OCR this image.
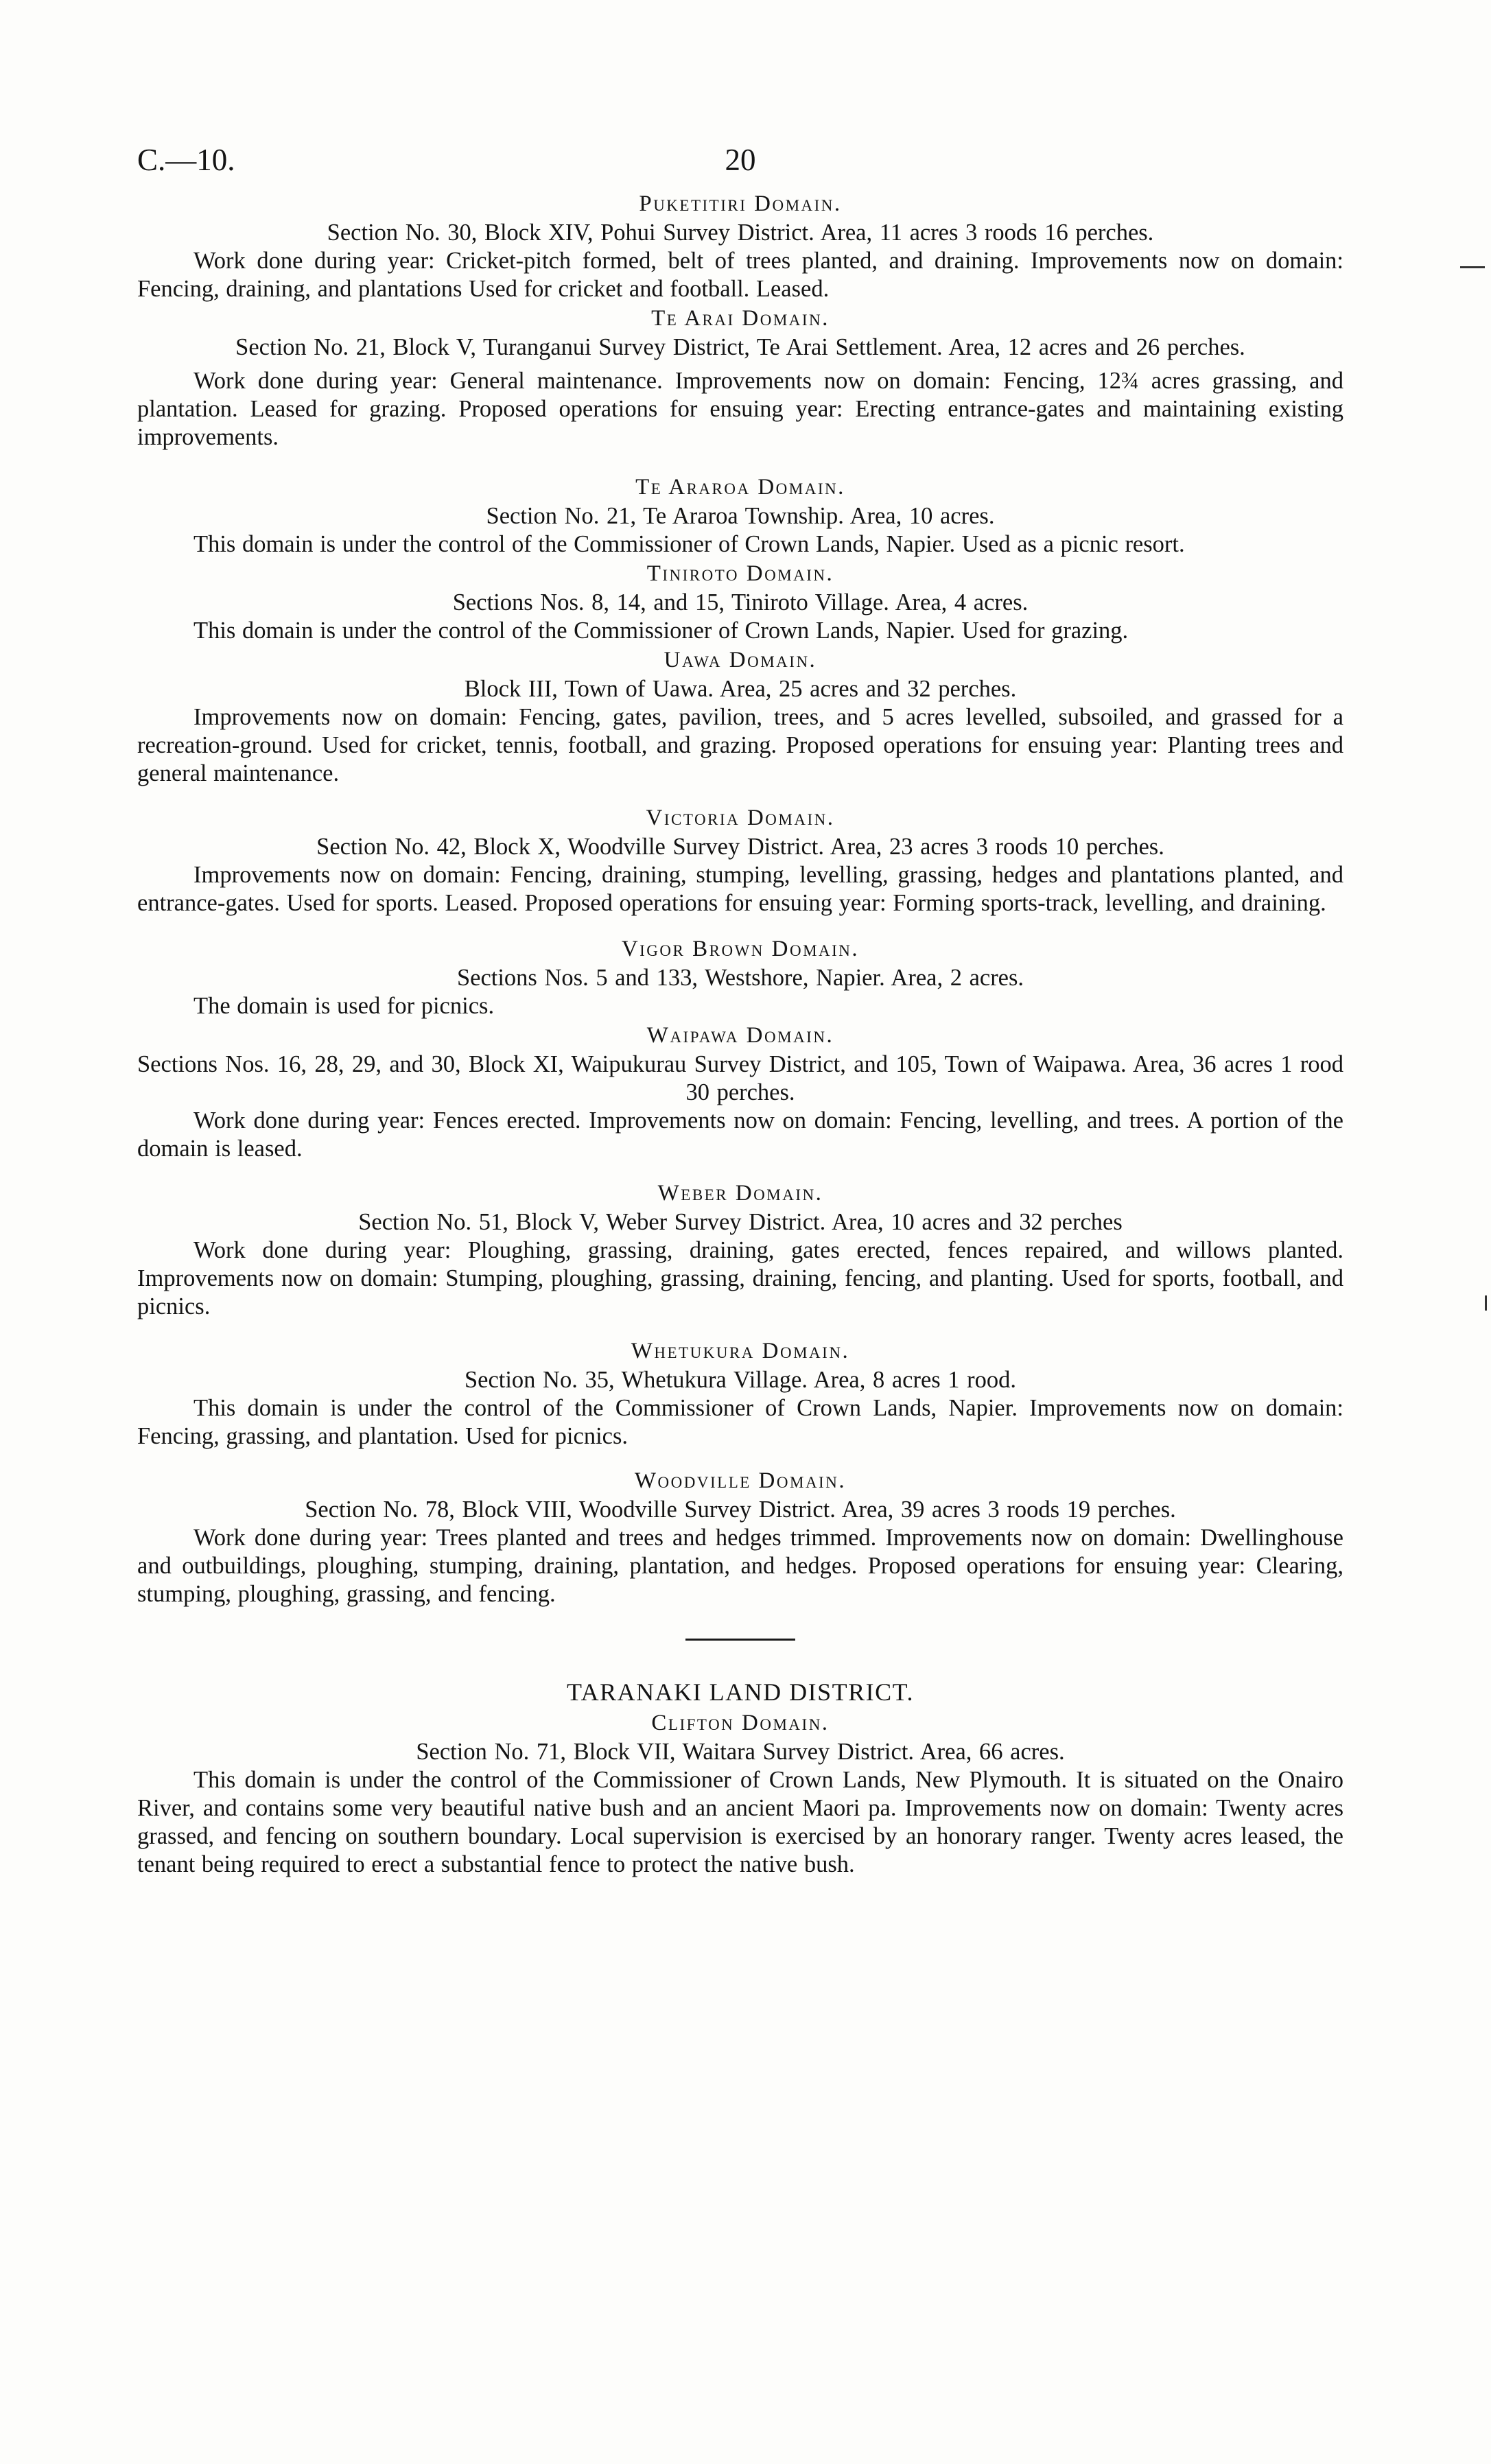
C.—10.	20
Puketitiri Domain.
Section No. 30, Block XIV, Pohui Survey District. Area, 11 acres 3 roods 16 perches.

Work done during year: Cricket-pitch formed, belt of trees planted, and draining. Improvements now on domain: Fencing, draining, and plantations Used for cricket and football. Leased.

Te Arai Domain.
Section No. 21, Block V, Turanganui Survey District, Te Arai Settlement. Area, 12 acres and 26 perches.

Work done during year: General maintenance. Improvements now on domain: Fencing, 12¾ acres grassing, and plantation. Leased for grazing. Proposed operations for ensuing year: Erecting entrance-gates and maintaining existing improvements.

Te Araroa Domain.
Section No. 21, Te Araroa Township. Area, 10 acres.

This domain is under the control of the Commissioner of Crown Lands, Napier. Used as a picnic resort.

Tiniroto Domain.
Sections Nos. 8, 14, and 15, Tiniroto Village. Area, 4 acres.

This domain is under the control of the Commissioner of Crown Lands, Napier. Used for grazing.

Uawa Domain.
Block III, Town of Uawa. Area, 25 acres and 32 perches.

Improvements now on domain: Fencing, gates, pavilion, trees, and 5 acres levelled, subsoiled, and grassed for a recreation-ground. Used for cricket, tennis, football, and grazing. Proposed operations for ensuing year: Planting trees and general maintenance.

Victoria Domain.
Section No. 42, Block X, Woodville Survey District. Area, 23 acres 3 roods 10 perches.

Improvements now on domain: Fencing, draining, stumping, levelling, grassing, hedges and plantations planted, and entrance-gates. Used for sports. Leased. Proposed operations for ensuing year: Forming sports-track, levelling, and draining.

Vigor Brown Domain.
Sections Nos. 5 and 133, Westshore, Napier. Area, 2 acres.

The domain is used for picnics.

Waipawa Domain.
Sections Nos. 16, 28, 29, and 30, Block XI, Waipukurau Survey District, and 105, Town of Waipawa. Area, 36 acres 1 rood 30 perches.

Work done during year: Fences erected. Improvements now on domain: Fencing, levelling, and trees. A portion of the domain is leased.

Weber Domain.
Section No. 51, Block V, Weber Survey District. Area, 10 acres and 32 perches

Work done during year: Ploughing, grassing, draining, gates erected, fences repaired, and willows planted. Improvements now on domain: Stumping, ploughing, grassing, draining, fencing, and planting. Used for sports, football, and picnics.

Whetukura Domain.
Section No. 35, Whetukura Village. Area, 8 acres 1 rood.

This domain is under the control of the Commissioner of Crown Lands, Napier. Improvements now on domain: Fencing, grassing, and plantation. Used for picnics.

Woodville Domain.
Section No. 78, Block VIII, Woodville Survey District. Area, 39 acres 3 roods 19 perches.

Work done during year: Trees planted and trees and hedges trimmed. Improvements now on domain: Dwellinghouse and outbuildings, ploughing, stumping, draining, plantation, and hedges. Proposed operations for ensuing year: Clearing, stumping, ploughing, grassing, and fencing.

TARANAKI LAND DISTRICT.
Clifton Domain.
Section No. 71, Block VII, Waitara Survey District. Area, 66 acres.

This domain is under the control of the Commissioner of Crown Lands, New Plymouth. It is situated on the Onairo River, and contains some very beautiful native bush and an ancient Maori pa. Improvements now on domain: Twenty acres grassed, and fencing on southern boundary. Local supervision is exercised by an honorary ranger. Twenty acres leased, the tenant being required to erect a substantial fence to protect the native bush.
